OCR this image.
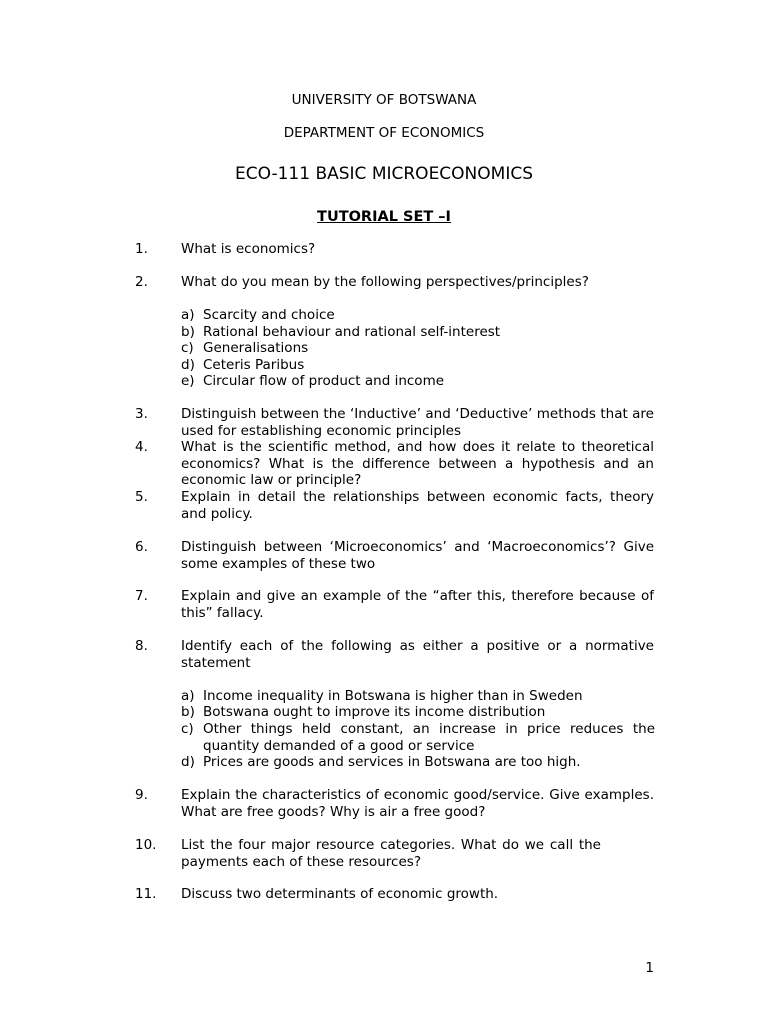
UNIVERSITY OF BOTSWANA
DEPARTMENT OF ECONOMICS
ECO-111 BASIC MICROECONOMICS
TUTORIAL SET –I
1.	What is economics?
2.	What do you mean by the following perspectives/principles?
a) Scarcity and choice
b) Rational behaviour and rational self-interest
c) Generalisations
d) Ceteris Paribus
e) Circular flow of product and income
3.	Distinguish between the ‘Inductive’ and ‘Deductive’ methods that are used for establishing economic principles
4.	What is the scientific method, and how does it relate to theoretical economics? What is the difference between a hypothesis and an economic law or principle?
5.	Explain in detail the relationships between economic facts, theory and policy.
6.	Distinguish between ‘Microeconomics’ and ‘Macroeconomics’? Give some examples of these two
7.	Explain and give an example of the “after this, therefore because of this” fallacy.
8.	Identify each of the following as either a positive or a normative statement
a) Income inequality in Botswana is higher than in Sweden
b) Botswana ought to improve its income distribution
c) Other things held constant, an increase in price reduces the quantity demanded of a good or service
d) Prices are goods and services in Botswana are too high.
9.	Explain the characteristics of economic good/service. Give examples. What are free goods? Why is air a free good?
10.	List the four major resource categories. What do we call the payments each of these resources?
11.	Discuss two determinants of economic growth.
1
